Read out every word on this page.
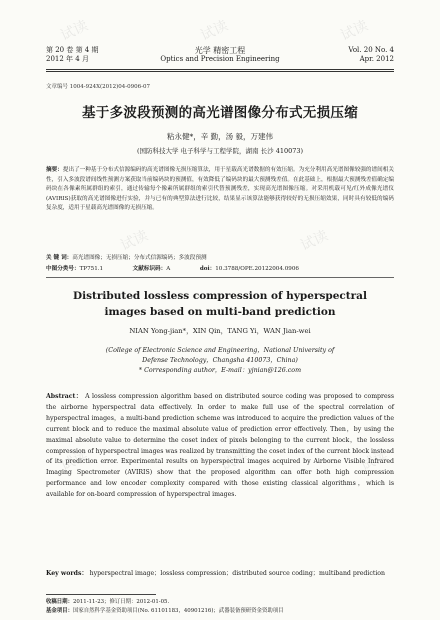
第 20 卷 第 4 期
2012 年 4 月
光学 精密工程
Optics and Precision Engineering
Vol. 20 No. 4
Apr. 2012
文章编号 1004-924X(2012)04-0906-07
基于多波段预测的高光谱图像分布式无损压缩
粘永健*，辛 勤，汤 毅，万建伟
(国防科技大学 电子科学与工程学院，湖南 长沙 410073)
摘要：提出了一种基于分布式信源编码的高光谱图像无损压缩算法，用于星载高光谱数据的有效压缩。为充分利用高光谱图像较强的谱间相关性，引入多波段谱间线性预测方案获取当前编码块的预测值，有效降低了编码块的最大预测残差值。在此基础上，根据最大预测残差值确定编码块在各像素所属群组的索引，通过传输每个像素所属群组的索引代替预测残差，实现高光谱图像压缩。对采用机载可见/红外成像光谱仪(AVIRIS)获取的高光谱图像进行实验，并与已有的典型算法进行比较，结果显示该算法能够获得较好的无损压缩效果，同时具有较低的编码复杂度，适用于星载高光谱图像的无损压缩。
关 键 词：高光谱图像；无损压缩；分布式信源编码；多波段预测
中图分类号：TP751.1	文献标识码：A	doi：10.3788/OPE.20122004.0906
Distributed lossless compression of hyperspectral
images based on multi-band prediction
NIAN Yong-jian*，XIN Qin，TANG Yi，WAN Jian-wei
(College of Electronic Science and Engineering，National University of
Defense Technology，Changsha 410073，China)
* Corresponding author，E-mail：yjnian@126.com
Abstract： A lossless compression algorithm based on distributed source coding was proposed to compress the airborne hyperspectral data effectively. In order to make full use of the spectral correlation of hyperspectral images，a multi-band prediction scheme was introduced to acquire the prediction values of the current block and to reduce the maximal absolute value of prediction error effectively. Then，by using the maximal absolute value to determine the coset index of pixels belonging to the current block，the lossless compression of hyperspectral images was realized by transmitting the coset index of the current block instead of its prediction error. Experimental results on hyperspectral images acquired by Airborne Visible Infrared Imaging Spectrometer (AVIRIS) show that the proposed algorithm can offer both high compression performance and low encoder complexity compared with those existing classical algorithms，which is available for on-board compression of hyperspectral images.
Key words： hyperspectral image；lossless compression；distributed source coding；multiband prediction
收稿日期：2011-11-23；修订日期：2012-01-05.
基金项目：国家自然科学基金资助项目(No. 61101183，40901216)；武器装备预研资金资助项目
试读	试读	试读
试读	试读
试读	试读	试读
